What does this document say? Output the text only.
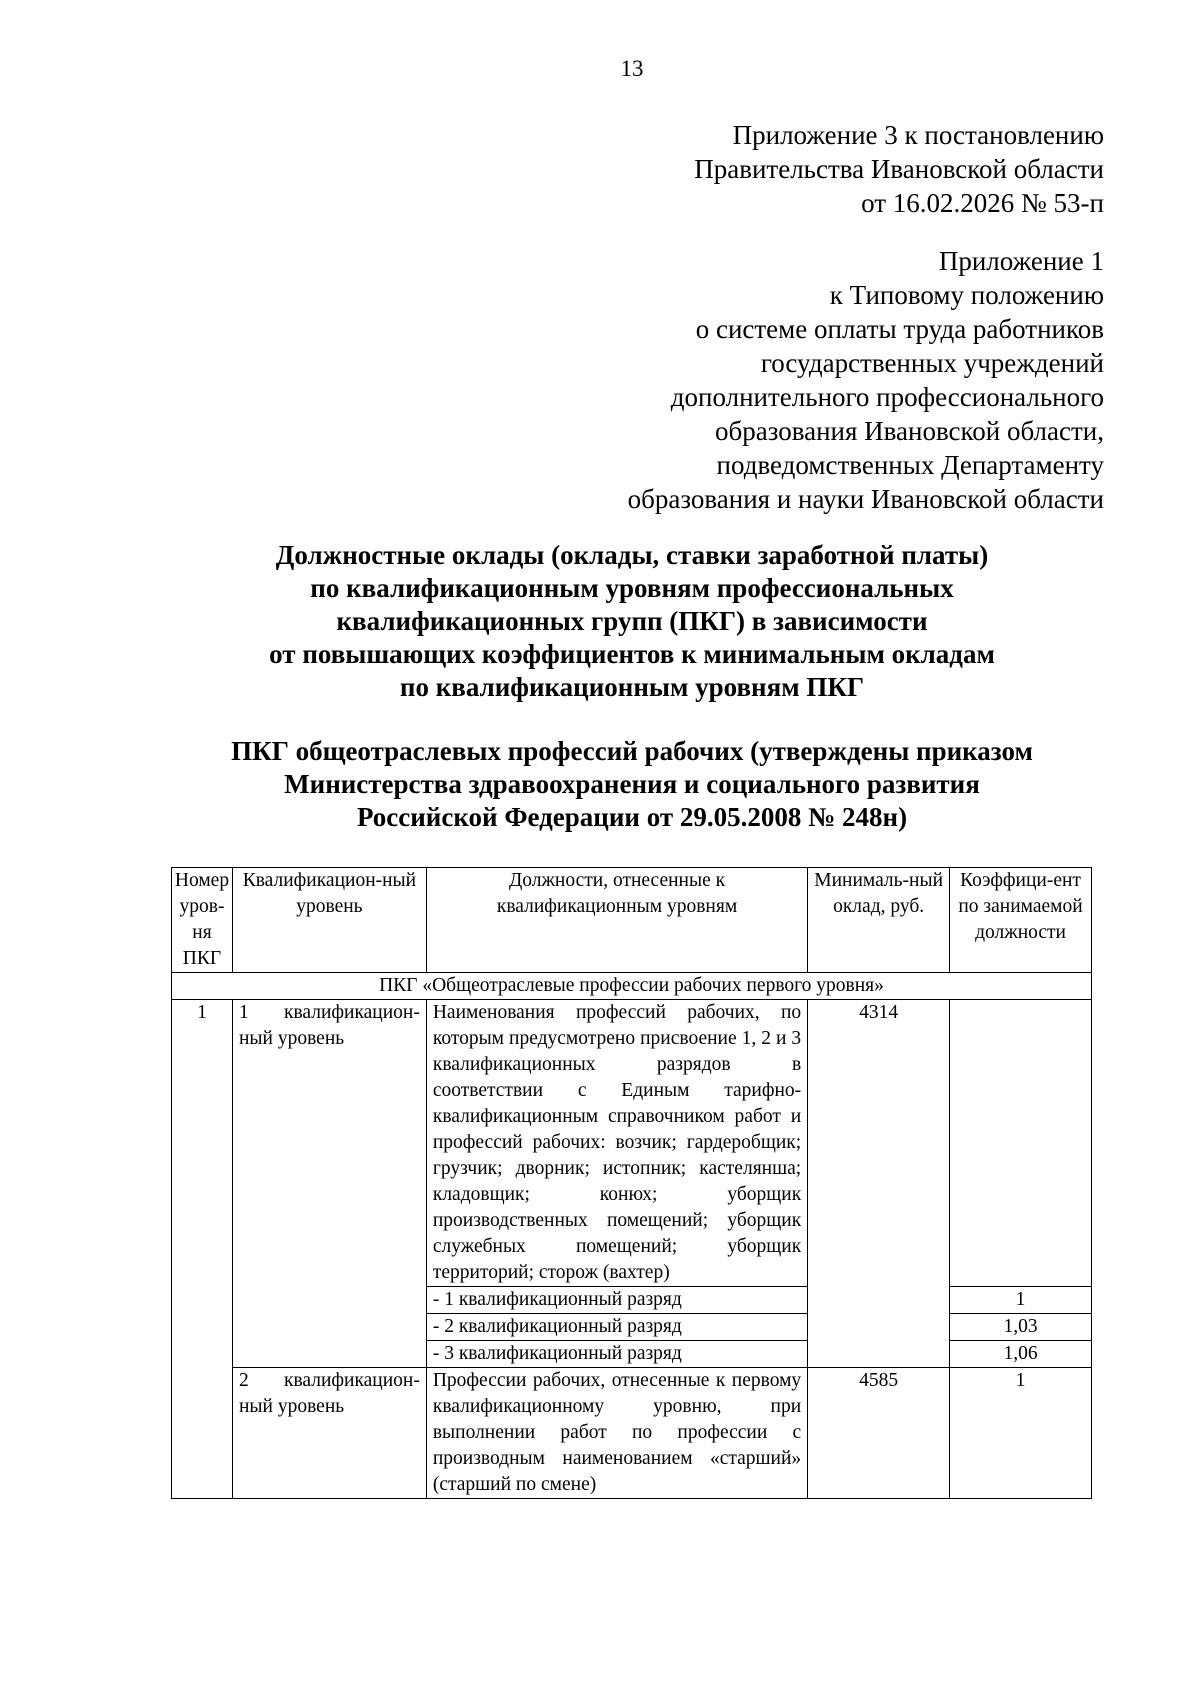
13
Приложение 3 к постановлению
Правительства Ивановской области
от 16.02.2026 № 53-п
Приложение 1
к Типовому положению
о системе оплаты труда работников
государственных учреждений
дополнительного профессионального
образования Ивановской области,
подведомственных Департаменту
образования и науки Ивановской области
Должностные оклады (оклады, ставки заработной платы)
по квалификационным уровням профессиональных
квалификационных групп (ПКГ) в зависимости
от повышающих коэффициентов к минимальным окладам
по квалификационным уровням ПКГ
ПКГ общеотраслевых профессий рабочих (утверждены приказом
Министерства здравоохранения и социального развития
Российской Федерации от 29.05.2008 № 248н)
Номер уров-ня ПКГ	Квалификацион-ный уровень	Должности, отнесенные к квалификационным уровням	Минималь-ный оклад, руб.	Коэффици-ент по занимаемой должности
ПКГ «Общеотраслевые профессии рабочих первого уровня»				
1	1 квалификацион-ный уровень	Наименования профессий рабочих, по которым предусмотрено присвоение 1, 2 и 3 квалификационных разрядов в соответствии с Единым тарифно-квалификационным справочником работ и профессий рабочих: возчик; гардеробщик; грузчик; дворник; истопник; кастелянша; кладовщик; конюх; уборщик производственных помещений; уборщик служебных помещений; уборщик территорий; сторож (вахтер)	4314	
		- 1 квалификационный разряд		1
		- 2 квалификационный разряд		1,03
		- 3 квалификационный разряд		1,06
	2 квалификацион-ный уровень	Профессии рабочих, отнесенные к первому квалификационному уровню, при выполнении работ по профессии с производным наименованием «старший» (старший по смене)	4585	1
